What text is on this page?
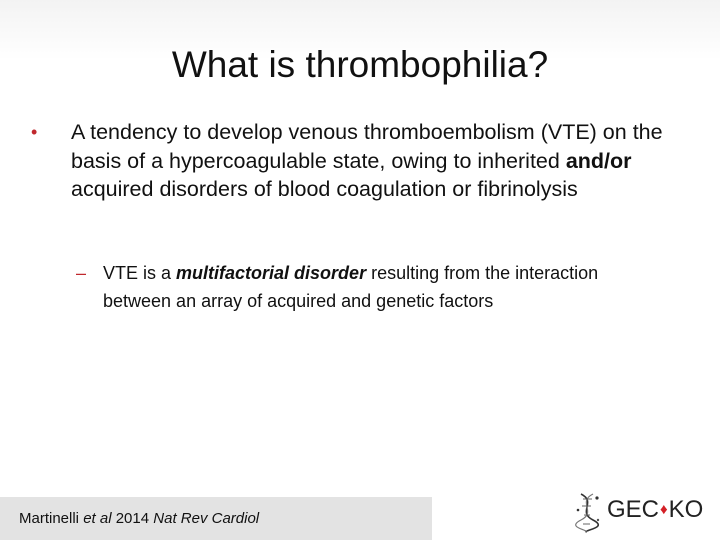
What is thrombophilia?
• A tendency to develop venous thromboembolism (VTE) on the basis of a hypercoagulable state, owing to inherited and/or acquired disorders of blood coagulation or fibrinolysis
– VTE is a multifactorial disorder resulting from the interaction between an array of acquired and genetic factors
Martinelli et al 2014 Nat Rev Cardiol	GEC♦KO
